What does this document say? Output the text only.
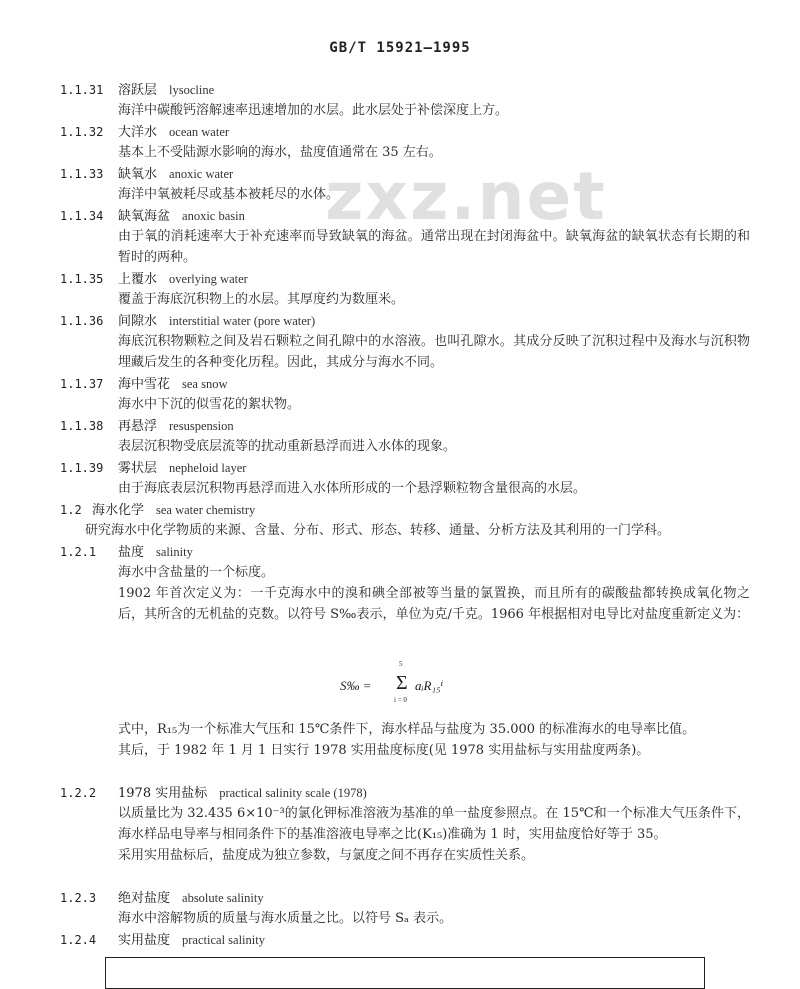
GB/T 15921—1995
zxz.net
1.1.31 溶跃层 lysocline
海洋中碳酸钙溶解速率迅速增加的水层。此水层处于补偿深度上方。
1.1.32 大洋水 ocean water
基本上不受陆源水影响的海水，盐度值通常在 35 左右。
1.1.33 缺氧水 anoxic water
海洋中氧被耗尽或基本被耗尽的水体。
1.1.34 缺氧海盆 anoxic basin
由于氧的消耗速率大于补充速率而导致缺氧的海盆。通常出现在封闭海盆中。缺氧海盆的缺氧状态有长期的和暂时的两种。
1.1.35 上覆水 overlying water
覆盖于海底沉积物上的水层。其厚度约为数厘米。
1.1.36 间隙水 interstitial water (pore water)
海底沉积物颗粒之间及岩石颗粒之间孔隙中的水溶液。也叫孔隙水。其成分反映了沉积过程中及海水与沉积物埋藏后发生的各种变化历程。因此，其成分与海水不同。
1.1.37 海中雪花 sea snow
海水中下沉的似雪花的絮状物。
1.1.38 再悬浮 resuspension
表层沉积物受底层流等的扰动重新悬浮而进入水体的现象。
1.1.39 雾状层 nepheloid layer
由于海底表层沉积物再悬浮而进入水体所形成的一个悬浮颗粒物含量很高的水层。
1.2 海水化学 sea water chemistry
研究海水中化学物质的来源、含量、分布、形式、形态、转移、通量、分析方法及其利用的一门学科。
1.2.1 盐度 salinity
海水中含盐量的一个标度。
1902 年首次定义为：一千克海水中的溴和碘全部被等当量的氯置换，而且所有的碳酸盐都转换成氧化物之后，其所含的无机盐的克数。以符号 S‰表示，单位为克/千克。1966 年根据相对电导比对盐度重新定义为：
S‰ =
5
Σ
i = 0
aᵢR₁₅ⁱ
式中，R₁₅为一个标准大气压和 15℃条件下，海水样品与盐度为 35.000 的标准海水的电导率比值。
其后，于 1982 年 1 月 1 日实行 1978 实用盐度标度(见 1978 实用盐标与实用盐度两条)。
1.2.2 1978 实用盐标 practical salinity scale (1978)
以质量比为 32.435 6×10⁻³的氯化钾标准溶液为基准的单一盐度参照点。在 15℃和一个标准大气压条件下，海水样品电导率与相同条件下的基准溶液电导率之比(K₁₅)准确为 1 时，实用盐度恰好等于 35。
采用实用盐标后，盐度成为独立参数，与氯度之间不再存在实质性关系。
1.2.3 绝对盐度 absolute salinity
海水中溶解物质的质量与海水质量之比。以符号 Sₐ 表示。
1.2.4 实用盐度 practical salinity
